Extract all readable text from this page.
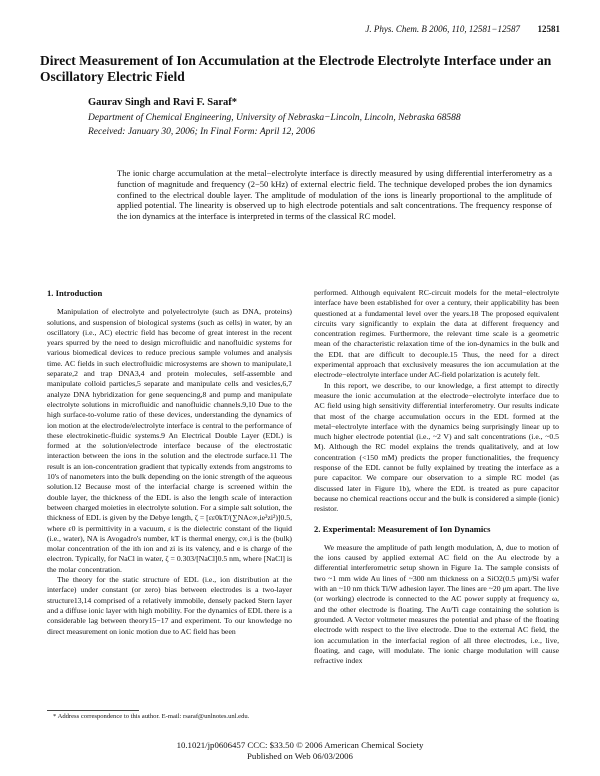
J. Phys. Chem. B 2006, 110, 12581−12587 12581
Direct Measurement of Ion Accumulation at the Electrode Electrolyte Interface under an Oscillatory Electric Field
Gaurav Singh and Ravi F. Saraf*
Department of Chemical Engineering, University of Nebraska−Lincoln, Lincoln, Nebraska 68588
Received: January 30, 2006; In Final Form: April 12, 2006
The ionic charge accumulation at the metal−electrolyte interface is directly measured by using differential interferometry as a function of magnitude and frequency (2−50 kHz) of external electric field. The technique developed probes the ion dynamics confined to the electrical double layer. The amplitude of modulation of the ions is linearly proportional to the amplitude of applied potential. The linearity is observed up to high electrode potentials and salt concentrations. The frequency response of the ion dynamics at the interface is interpreted in terms of the classical RC model.
1. Introduction

Manipulation of electrolyte and polyelectrolyte (such as DNA, proteins) solutions, and suspension of biological systems (such as cells) in water, by an oscillatory (i.e., AC) electric field has become of great interest in the recent years spurred by the need to design microfluidic and nanofluidic systems for various biomedical devices to reduce precious sample volumes and analysis time. AC fields in such electrofluidic microsystems are shown to manipulate,1 separate,2 and trap DNA3,4 and protein molecules, self-assemble and manipulate colloid particles,5 separate and manipulate cells and vesicles,6,7 analyze DNA hybridization for gene sequencing,8 and pump and manipulate electrolyte solutions in microfluidic and nanofluidic channels.9,10 Due to the high surface-to-volume ratio of these devices, understanding the dynamics of ion motion at the electrode/electrolyte interface is central to the performance of these electrokinetic-fluidic systems.9 An Electrical Double Layer (EDL) is formed at the solution/electrode interface because of the electrostatic interaction between the ions in the solution and the electrode surface.11 The result is an ion-concentration gradient that typically extends from angstroms to 10's of nanometers into the bulk depending on the ionic strength of the aqueous solution.12 Because most of the interfacial charge is screened within the double layer, the thickness of the EDL is also the length scale of interaction between charged moieties in electrolyte solution. For a simple salt solution, the thickness of EDL is given by the Debye length, ζ = [εε0kT/(∑NAc∞,ie²zi²)]0.5, where ε0 is permittivity in a vacuum, ε is the dielectric constant of the liquid (i.e., water), NA is Avogadro's number, kT is thermal energy, c∞,i is the (bulk) molar concentration of the ith ion and zi is its valency, and e is charge of the electron. Typically, for NaCl in water, ζ = 0.303/[NaCl]0.5 nm, where [NaCl] is the molar concentration.

The theory for the static structure of EDL (i.e., ion distribution at the interface) under constant (or zero) bias between electrodes is a two-layer structure13,14 comprised of a relatively immobile, densely packed Stern layer and a diffuse ionic layer with high mobility. For the dynamics of EDL there is a considerable lag between theory15−17 and experiment. To our knowledge no direct measurement on ionic motion due to AC field has been

performed. Although equivalent RC-circuit models for the metal−electrolyte interface have been established for over a century, their applicability has been questioned at a fundamental level over the years.18 The proposed equivalent circuits vary significantly to explain the data at different frequency and concentration regimes. Furthermore, the relevant time scale is a geometric mean of the characteristic relaxation time of the ion-dynamics in the bulk and the EDL that are difficult to decouple.15 Thus, the need for a direct experimental approach that exclusively measures the ion accumulation at the electrode−electrolyte interface under AC-field polarization is acutely felt.

In this report, we describe, to our knowledge, a first attempt to directly measure the ionic accumulation at the electrode−electrolyte interface due to AC field using high sensitivity differential interferometry. Our results indicate that most of the charge accumulation occurs in the EDL formed at the metal−electrolyte interface with the dynamics being surprisingly linear up to much higher electrode potential (i.e., ~2 V) and salt concentrations (i.e., ~0.5 M). Although the RC model explains the trends qualitatively, and at low concentration (<150 mM) predicts the proper functionalities, the frequency response of the EDL cannot be fully explained by treating the interface as a pure capacitor. We compare our observation to a simple RC model (as discussed later in Figure 1b), where the EDL is treated as pure capacitor because no chemical reactions occur and the bulk is considered a simple (ionic) resistor.

2. Experimental: Measurement of Ion Dynamics

We measure the amplitude of path length modulation, Δ, due to motion of the ions caused by applied external AC field on the Au electrode by a differential interferometric setup shown in Figure 1a. The sample consists of two ~1 mm wide Au lines of ~300 nm thickness on a SiO2(0.5 μm)/Si wafer with an ~10 nm thick Ti/W adhesion layer. The lines are ~20 μm apart. The live (or working) electrode is connected to the AC power supply at frequency ω, and the other electrode is floating. The Au/Ti cage containing the solution is grounded. A Vector voltmeter measures the potential and phase of the floating electrode with respect to the live electrode. Due to the external AC field, the ion accumulation in the interfacial region of all three electrodes, i.e., live, floating, and cage, will modulate. The ionic charge modulation will cause refractive index

* Address correspondence to this author. E-mail: rsaraf@unlnotes.unl.edu.
10.1021/jp0606457 CCC: $33.50 © 2006 American Chemical Society
Published on Web 06/03/2006
